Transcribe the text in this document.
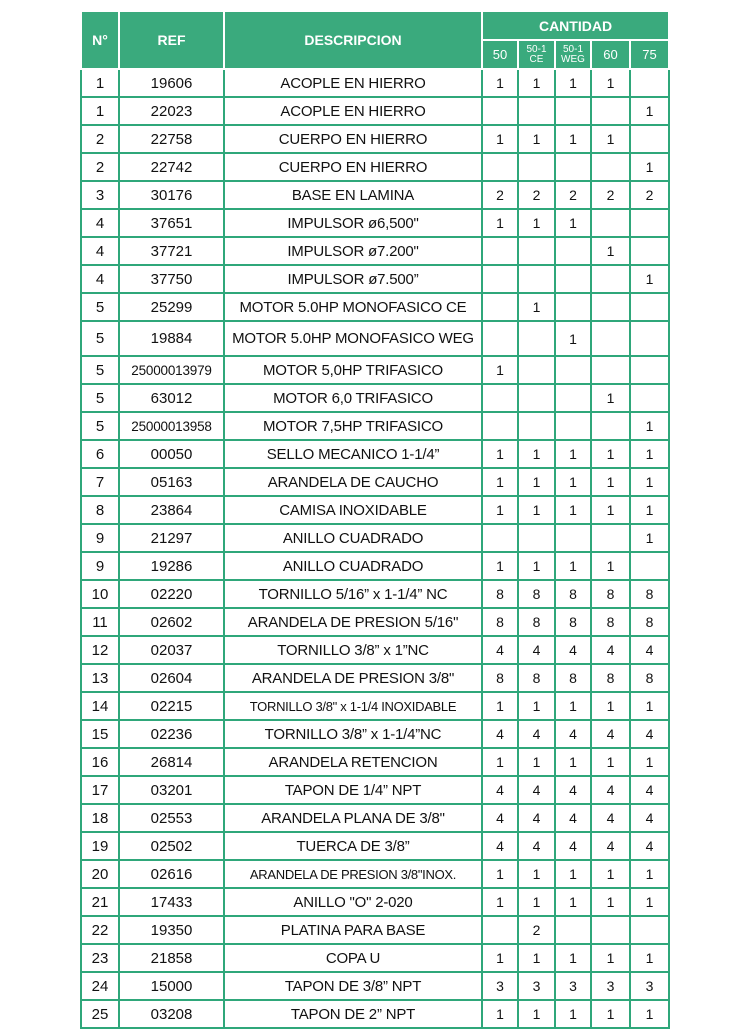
N°	REF	DESCRIPCION	CANTIDAD				
			50	50-1 CE	50-1 WEG	60	75
1	19606	ACOPLE EN HIERRO	1	1	1	1	
1	22023	ACOPLE EN HIERRO					1
2	22758	CUERPO EN HIERRO	1	1	1	1	
2	22742	CUERPO EN HIERRO					1
3	30176	BASE EN LAMINA	2	2	2	2	2
4	37651	IMPULSOR ø6,500"	1	1	1		
4	37721	IMPULSOR ø7.200"				1	
4	37750	IMPULSOR ø7.500”					1
5	25299	MOTOR 5.0HP MONOFASICO CE		1			
5	19884	MOTOR 5.0HP MONOFASICO WEG			1		
5	25000013979	MOTOR 5,0HP TRIFASICO	1				
5	63012	MOTOR 6,0 TRIFASICO				1	
5	25000013958	MOTOR 7,5HP TRIFASICO					1
6	00050	SELLO MECANICO 1-1/4”	1	1	1	1	1
7	05163	ARANDELA DE CAUCHO	1	1	1	1	1
8	23864	CAMISA INOXIDABLE	1	1	1	1	1
9	21297	ANILLO CUADRADO					1
9	19286	ANILLO CUADRADO	1	1	1	1	
10	02220	TORNILLO 5/16” x 1-1/4” NC	8	8	8	8	8
11	02602	ARANDELA DE PRESION 5/16"	8	8	8	8	8
12	02037	TORNILLO 3/8” x 1”NC	4	4	4	4	4
13	02604	ARANDELA DE PRESION 3/8"	8	8	8	8	8
14	02215	TORNILLO 3/8" x 1-1/4 INOXIDABLE	1	1	1	1	1
15	02236	TORNILLO 3/8” x 1-1/4”NC	4	4	4	4	4
16	26814	ARANDELA RETENCION	1	1	1	1	1
17	03201	TAPON DE 1/4” NPT	4	4	4	4	4
18	02553	ARANDELA PLANA DE 3/8"	4	4	4	4	4
19	02502	TUERCA DE 3/8”	4	4	4	4	4
20	02616	ARANDELA DE PRESION 3/8"INOX.	1	1	1	1	1
21	17433	ANILLO "O" 2-020	1	1	1	1	1
22	19350	PLATINA PARA BASE		2			
23	21858	COPA U	1	1	1	1	1
24	15000	TAPON DE 3/8” NPT	3	3	3	3	3
25	03208	TAPON DE 2” NPT	1	1	1	1	1
